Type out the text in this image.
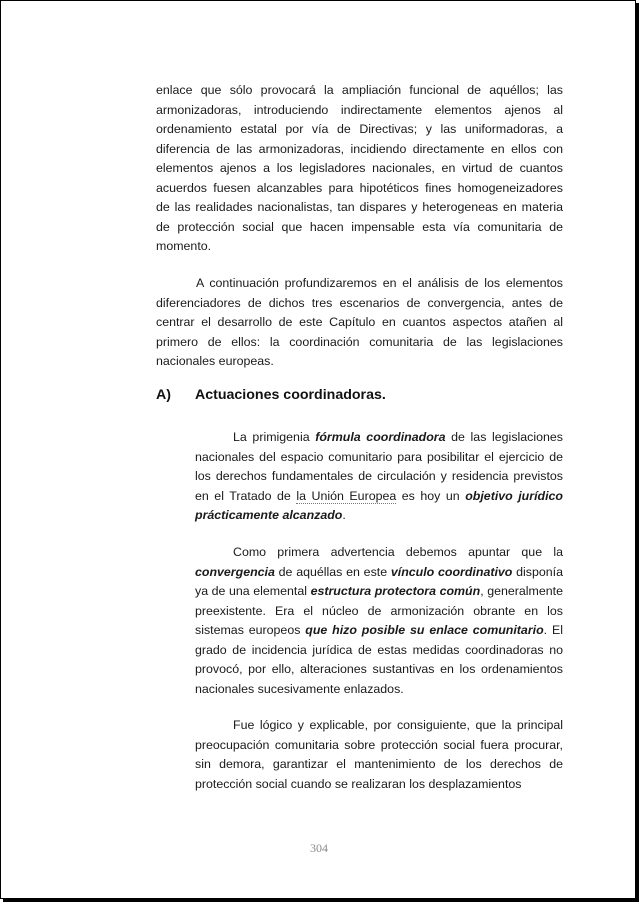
enlace que sólo provocará la ampliación funcional de aquéllos; las armonizadoras, introduciendo indirectamente elementos ajenos al ordenamiento estatal por vía de Directivas; y las uniformadoras, a diferencia de las armonizadoras, incidiendo directamente en ellos con elementos ajenos a los legisladores nacionales, en virtud de cuantos acuerdos fuesen alcanzables para hipotéticos fines homogeneizadores de las realidades nacionalistas, tan dispares y heterogeneas en materia de protección social que hacen impensable esta vía comunitaria de momento.

A continuación profundizaremos en el análisis de los elementos diferenciadores de dichos tres escenarios de convergencia, antes de centrar el desarrollo de este Capítulo en cuantos aspectos atañen al primero de ellos: la coordinación comunitaria de las legislaciones nacionales europeas.

A) Actuaciones coordinadoras.

La primigenia fórmula coordinadora de las legislaciones nacionales del espacio comunitario para posibilitar el ejercicio de los derechos fundamentales de circulación y residencia previstos en el Tratado de la Unión Europea es hoy un objetivo jurídico prácticamente alcanzado.

Como primera advertencia debemos apuntar que la convergencia de aquéllas en este vínculo coordinativo disponía ya de una elemental estructura protectora común, generalmente preexistente. Era el núcleo de armonización obrante en los sistemas europeos que hizo posible su enlace comunitario. El grado de incidencia jurídica de estas medidas coordinadoras no provocó, por ello, alteraciones sustantivas en los ordenamientos nacionales sucesivamente enlazados.

Fue lógico y explicable, por consiguiente, que la principal preocupación comunitaria sobre protección social fuera procurar, sin demora, garantizar el mantenimiento de los derechos de protección social cuando se realizaran los desplazamientos

304
